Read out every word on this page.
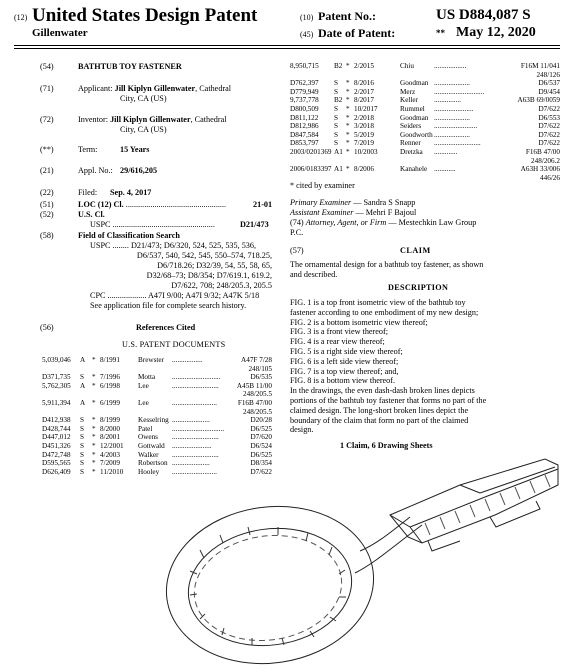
(12) United States Design Patent
Gillenwater
(10) Patent No.:	US D884,087 S
(45) Date of Patent:	** May 12, 2020
(54)	BATHTUB TOY FASTENER
(71)	Applicant: Jill Kiplyn Gillenwater, Cathedral
City, CA (US)
(72)	Inventor: Jill Kiplyn Gillenwater, Cathedral
City, CA (US)
(**)	Term:	15 Years
(21)	Appl. No.: 29/616,205
(22)	Filed: Sep. 4, 2017
(51)	LOC (12) Cl. .................................................	21-01
(52)	U.S. Cl.
USPC ..................................................	D21/473
(58)	Field of Classification Search
USPC ........ D21/473; D6/320, 524, 525, 535, 536,
D6/537, 540, 542, 545, 550–574, 718.25,
D6/718.26; D32/39, 54, 55, 58, 65,
D32/68–73; D8/354; D7/619.1, 619.2,
D7/622, 708; 248/205.3, 205.5
CPC ................... A47I 9/00; A47I 9/32; A47K 5/18
See application file for complete search history.
(56)	References Cited
U.S. PATENT DOCUMENTS
5,039,046 A * 8/1991	Brewster .................	A47F 7/28
248/105
D371,735 S * 7/1996	Motta ...........................	D6/535
5,762,305 A * 6/1998	Lee	..........................	A45B 11/00
248/205.5
5,911,394 A * 6/1999	Lee	.........................	F16B 47/00
248/205.5
D412,938 S * 8/1999	Kesselring .....................	D20/28
D428,744 S * 8/2000	Patel	.............................	D6/525
D447,012 S * 8/2001	Owens ..........................	D7/620
D451,326 S * 12/2001 Gottwald ......................	D6/524
D472,748 S * 4/2003	Walker ..........................	D6/525
D595,565 S * 7/2009	Robertson .....................	D8/354
D626,409 S * 11/2010 Hooley .........................	D7/622
8,950,715 B2 * 2/2015	Chiu	..................	F16M 11/041
248/126
D762,397 S * 8/2016	Goodman ....................	D6/537
D779,949 S * 2/2017	Merz	............................	D9/454
9,737,778 B2 * 8/2017	Keller ...............	A63B 69/0059
D800,509 S * 10/2017	Rummel ......................	D7/622
D811,122 S * 2/2018	Goodman ....................	D6/553
D812,986 S * 3/2018	Seiders ........................	D7/622
D847,584 S * 5/2019	Goodworth ....................	D7/622
D853,797 S * 7/2019	Renner ..........................	D7/622
2003/0201369 A1 * 10/2003	Dretzka .............	F16B 47/00
248/206.2
2006/0183397 A1 * 8/2006	Kanahele ............	A63H 33/006
446/26
* cited by examiner
Primary Examiner — Sandra S Snapp
Assistant Examiner — Mehri F Bajoul
(74) Attorney, Agent, or Firm — Mestechkin Law Group
P.C.
(57)	CLAIM
The ornamental design for a bathtub toy fastener, as shown
and described.
DESCRIPTION
FIG. 1 is a top front isometric view of the bathtub toy
fastener according to one embodiment of my new design;
FIG. 2 is a bottom isometric view thereof;
FIG. 3 is a front view thereof;
FIG. 4 is a rear view thereof;
FIG. 5 is a right side view thereof;
FIG. 6 is a left side view thereof;
FIG. 7 is a top view thereof; and,
FIG. 8 is a bottom view thereof.
In the drawings, the even dash-dash broken lines depicts
portions of the bathtub toy fastener that forms no part of the
claimed design. The long-short broken lines depict the
boundary of the claim that form no part of the claimed
design.
1 Claim, 6 Drawing Sheets
